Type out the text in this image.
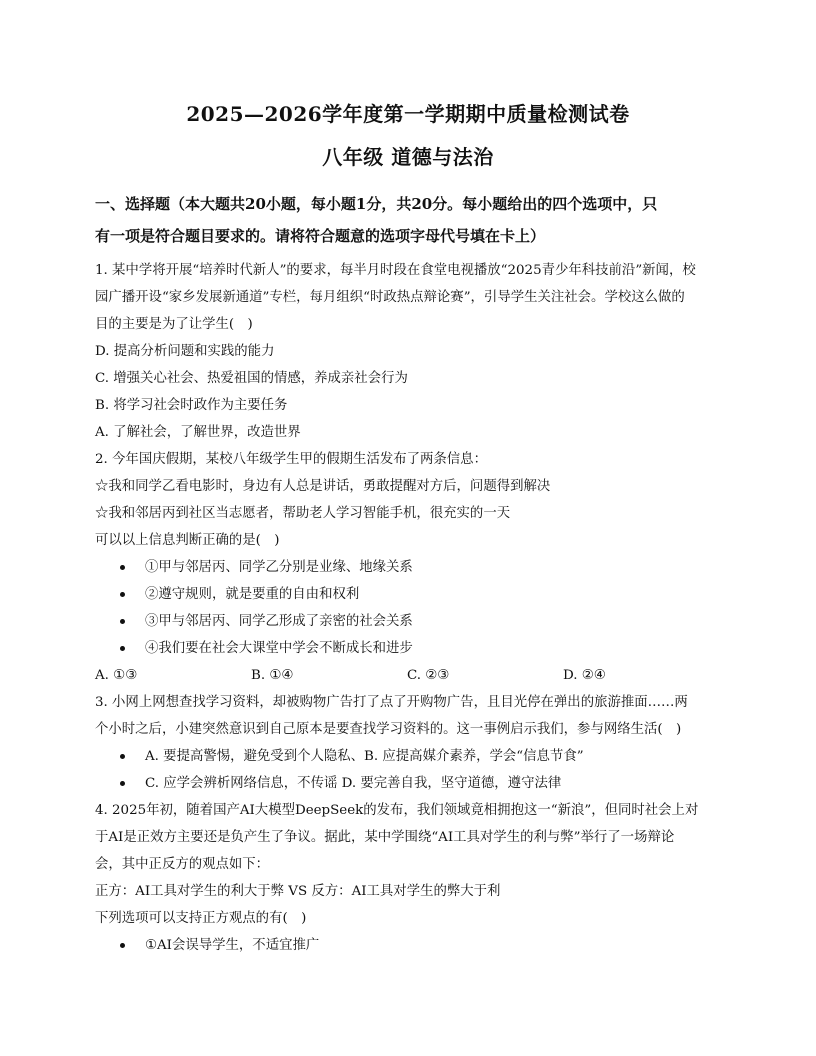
2025—2026学年度第一学期期中质量检测试卷
八年级 道德与法治

一、选择题（本大题共20小题，每小题1分，共20分。每小题给出的四个选项中，只

有一项是符合题目要求的。请将符合题意的选项字母代号填在卡上）

1. 某中学将开展“培养时代新人”的要求，每半月时段在食堂电视播放“2025青少年科技前沿”新闻，校

园广播开设“家乡发展新通道”专栏，每月组织“时政热点辩论赛”，引导学生关注社会。学校这么做的

目的主要是为了让学生(　)

D. 提高分析问题和实践的能力

C. 增强关心社会、热爱祖国的情感，养成亲社会行为

B. 将学习社会时政作为主要任务

A. 了解社会，了解世界，改造世界

2. 今年国庆假期，某校八年级学生甲的假期生活发布了两条信息：

☆我和同学乙看电影时，身边有人总是讲话，勇敢提醒对方后，问题得到解决

☆我和邻居丙到社区当志愿者，帮助老人学习智能手机，很充实的一天

可以以上信息判断正确的是(　)

①甲与邻居丙、同学乙分别是业缘、地缘关系

②遵守规则，就是要重的自由和权利

③甲与邻居丙、同学乙形成了亲密的社会关系

④我们要在社会大课堂中学会不断成长和进步

A. ①③	B. ①④	C. ②③	D. ②④

3. 小网上网想查找学习资料，却被购物广告打了点了开购物广告，且目光停在弹出的旅游推面……两

个小时之后，小建突然意识到自己原本是要查找学习资料的。这一事例启示我们，参与网络生活(　)

A. 要提高警惕，避免受到个人隐私、B. 应提高媒介素养，学会“信息节食”

C. 应学会辨析网络信息，不传谣 D. 要完善自我，坚守道德，遵守法律

4. 2025年初，随着国产AI大模型DeepSeek的发布，我们领域竟相拥抱这一“新浪”，但同时社会上对

于AI是正效方主要还是负产生了争议。据此，某中学围绕“AI工具对学生的利与弊”举行了一场辩论

会，其中正反方的观点如下：

正方：AI工具对学生的利大于弊 VS 反方：AI工具对学生的弊大于利

下列选项可以支持正方观点的有(　)

①AI会误导学生，不适宜推广
